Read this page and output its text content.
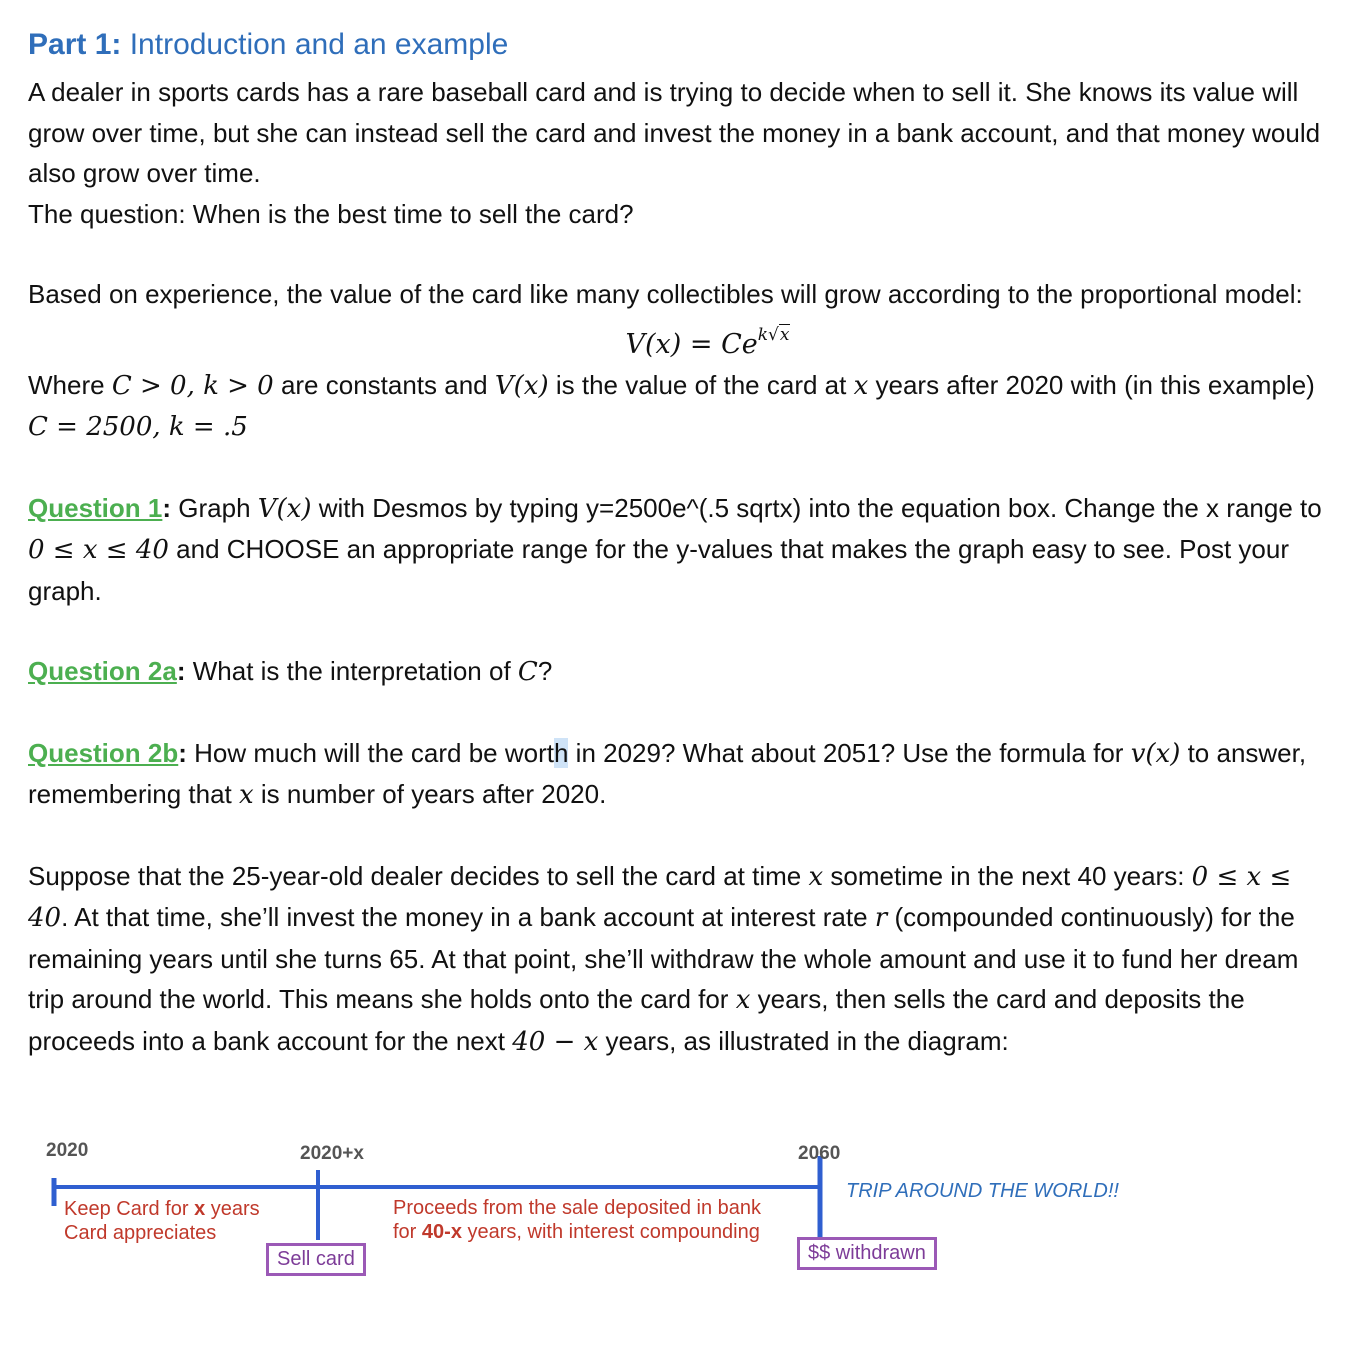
Part 1: Introduction and an example

A dealer in sports cards has a rare baseball card and is trying to decide when to sell it. She knows its value will grow over time, but she can instead sell the card and invest the money in a bank account, and that money would also grow over time.

The question: When is the best time to sell the card?

Based on experience, the value of the card like many collectibles will grow according to the proportional model:

$V(x) = Ce^{k√x}$

Where C > 0, k > 0 are constants and V(x) is the value of the card at x years after 2020 with (in this example) C = 2500, k = .5

Question 1: Graph V(x) with Desmos by typing y=2500e^(.5 sqrtx) into the equation box. Change the x range to 0 ≤ x ≤ 40 and CHOOSE an appropriate range for the y-values that makes the graph easy to see. Post your graph.

Question 2a: What is the interpretation of C?

Question 2b: How much will the card be worth in 2029? What about 2051? Use the formula for v(x) to answer, remembering that x is number of years after 2020.

Suppose that the 25-year-old dealer decides to sell the card at time x sometime in the next 40 years: 0 ≤ x ≤ 40. At that time, she’ll invest the money in a bank account at interest rate r (compounded continuously) for the remaining years until she turns 65. At that point, she’ll withdraw the whole amount and use it to fund her dream trip around the world. This means she holds onto the card for x years, then sells the card and deposits the proceeds into a bank account for the next 40 − x years, as illustrated in the diagram:

2020	2020+x	2060
Keep Card for x years
Card appreciates
Proceeds from the sale deposited in bank
for 40-x years, with interest compounding
Sell card	$$ withdrawn
TRIP AROUND THE WORLD!!
